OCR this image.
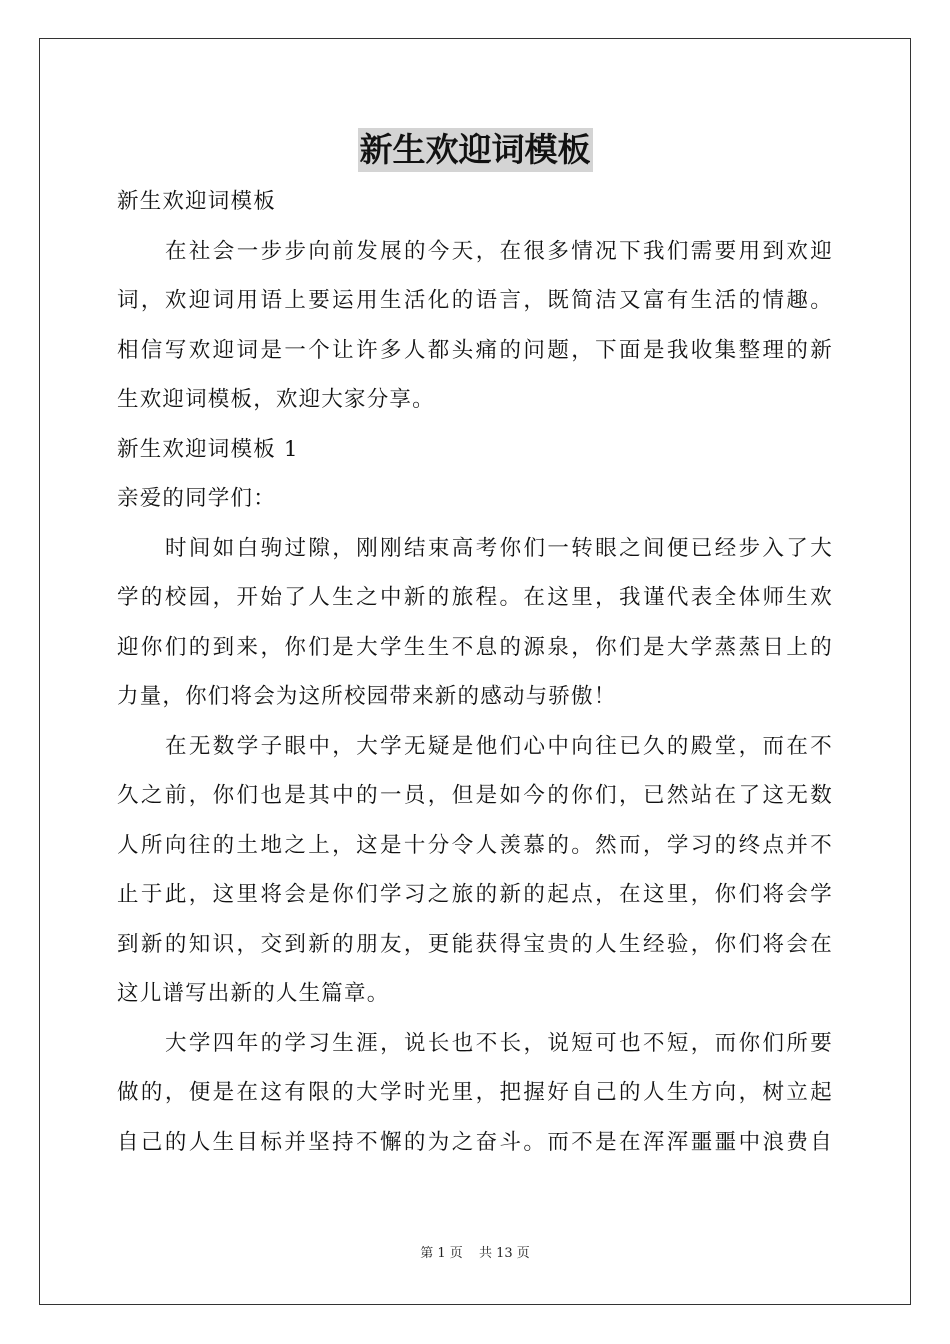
新生欢迎词模板
新生欢迎词模板
在社会一步步向前发展的今天，在很多情况下我们需要用到欢迎
词，欢迎词用语上要运用生活化的语言，既简洁又富有生活的情趣。
相信写欢迎词是一个让许多人都头痛的问题，下面是我收集整理的新
生欢迎词模板，欢迎大家分享。
新生欢迎词模板 1
亲爱的同学们：
时间如白驹过隙，刚刚结束高考你们一转眼之间便已经步入了大
学的校园，开始了人生之中新的旅程。在这里，我谨代表全体师生欢
迎你们的到来，你们是大学生生不息的源泉，你们是大学蒸蒸日上的
力量，你们将会为这所校园带来新的感动与骄傲！
在无数学子眼中，大学无疑是他们心中向往已久的殿堂，而在不
久之前，你们也是其中的一员，但是如今的你们，已然站在了这无数
人所向往的土地之上，这是十分令人羡慕的。然而，学习的终点并不
止于此，这里将会是你们学习之旅的新的起点，在这里，你们将会学
到新的知识，交到新的朋友，更能获得宝贵的人生经验，你们将会在
这儿谱写出新的人生篇章。
大学四年的学习生涯，说长也不长，说短可也不短，而你们所要
做的，便是在这有限的大学时光里，把握好自己的人生方向，树立起
自己的人生目标并坚持不懈的为之奋斗。而不是在浑浑噩噩中浪费自
第 1 页 共 13 页
